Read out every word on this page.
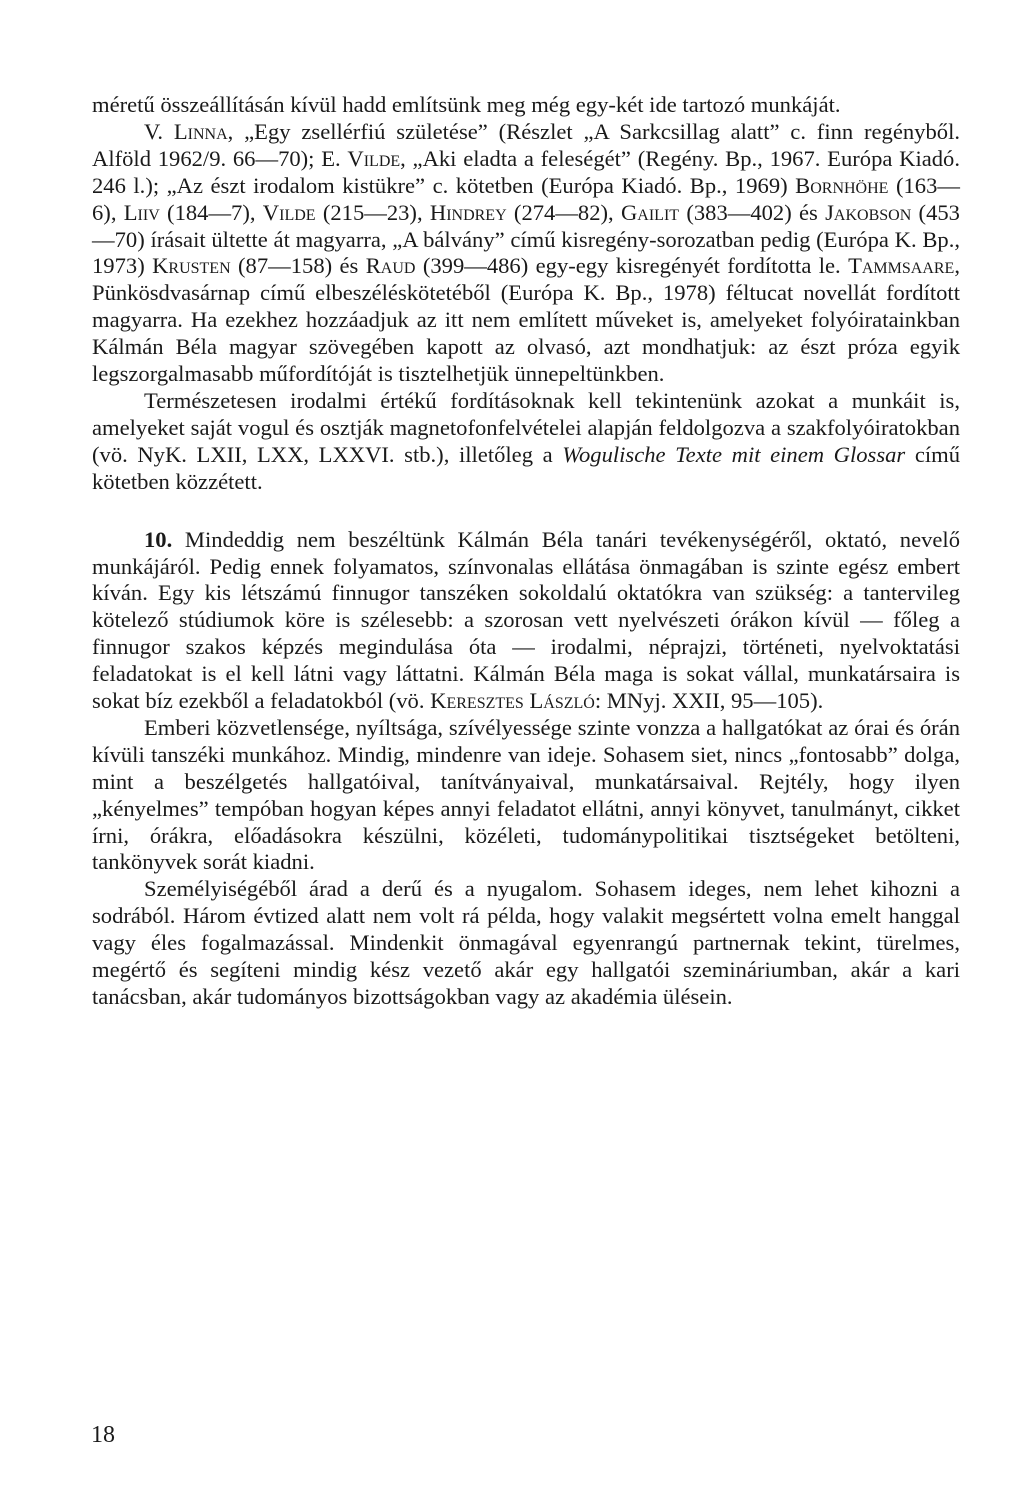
méretű összeállításán kívül hadd említsünk meg még egy-két ide tartozó munkáját.

V. Linna, „Egy zsellérfiú születése” (Részlet „A Sarkcsillag alatt” c. finn regényből. Alföld 1962/9. 66—70); E. Vilde, „Aki eladta a feleségét” (Regény. Bp., 1967. Európa Kiadó. 246 l.); „Az észt irodalom kistükre” c. kötetben (Európa Kiadó. Bp., 1969) Bornhöhe (163—6), Liiv (184—7), Vilde (215—23), Hindrey (274—82), Gailit (383—402) és Jakobson (453—70) írásait ültette át magyarra, „A bálvány” című kisregény-sorozatban pedig (Európa K. Bp., 1973) Krusten (87—158) és Raud (399—486) egy-egy kisregényét fordította le. Tammsaare, Pünkösdvasárnap című elbeszéléskötetéből (Európa K. Bp., 1978) féltucat novellát fordított magyarra. Ha ezekhez hozzáadjuk az itt nem említett műveket is, amelyeket folyóiratainkban Kálmán Béla magyar szövegében kapott az olvasó, azt mondhatjuk: az észt próza egyik legszorgalmasabb műfordítóját is tisztelhetjük ünnepeltünkben.

Természetesen irodalmi értékű fordításoknak kell tekintenünk azokat a munkáit is, amelyeket saját vogul és osztják magnetofonfelvételei alapján feldolgozva a szakfolyóiratokban (vö. NyK. LXII, LXX, LXXVI. stb.), illetőleg a Wogulische Texte mit einem Glossar című kötetben közzétett.

10. Mindeddig nem beszéltünk Kálmán Béla tanári tevékenységéről, oktató, nevelő munkájáról. Pedig ennek folyamatos, színvonalas ellátása önmagában is szinte egész embert kíván. Egy kis létszámú finnugor tanszéken sokoldalú oktatókra van szükség: a tantervileg kötelező stúdiumok köre is szélesebb: a szorosan vett nyelvészeti órákon kívül — főleg a finnugor szakos képzés megindulása óta — irodalmi, néprajzi, történeti, nyelvoktatási feladatokat is el kell látni vagy láttatni. Kálmán Béla maga is sokat vállal, munkatársaira is sokat bíz ezekből a feladatokból (vö. Keresztes László: MNyj. XXII, 95—105).

Emberi közvetlensége, nyíltsága, szívélyessége szinte vonzza a hallgatókat az órai és órán kívüli tanszéki munkához. Mindig, mindenre van ideje. Sohasem siet, nincs „fontosabb” dolga, mint a beszélgetés hallgatóival, tanítványaival, munkatársaival. Rejtély, hogy ilyen „kényelmes” tempóban hogyan képes annyi feladatot ellátni, annyi könyvet, tanulmányt, cikket írni, órákra, előadásokra készülni, közéleti, tudománypolitikai tisztségeket betölteni, tankönyvek sorát kiadni.

Személyiségéből árad a derű és a nyugalom. Sohasem ideges, nem lehet kihozni a sodrából. Három évtized alatt nem volt rá példa, hogy valakit megsértett volna emelt hanggal vagy éles fogalmazással. Mindenkit önmagával egyenrangú partnernak tekint, türelmes, megértő és segíteni mindig kész vezető akár egy hallgatói szemináriumban, akár a kari tanácsban, akár tudományos bizottságokban vagy az akadémia ülésein.

18
